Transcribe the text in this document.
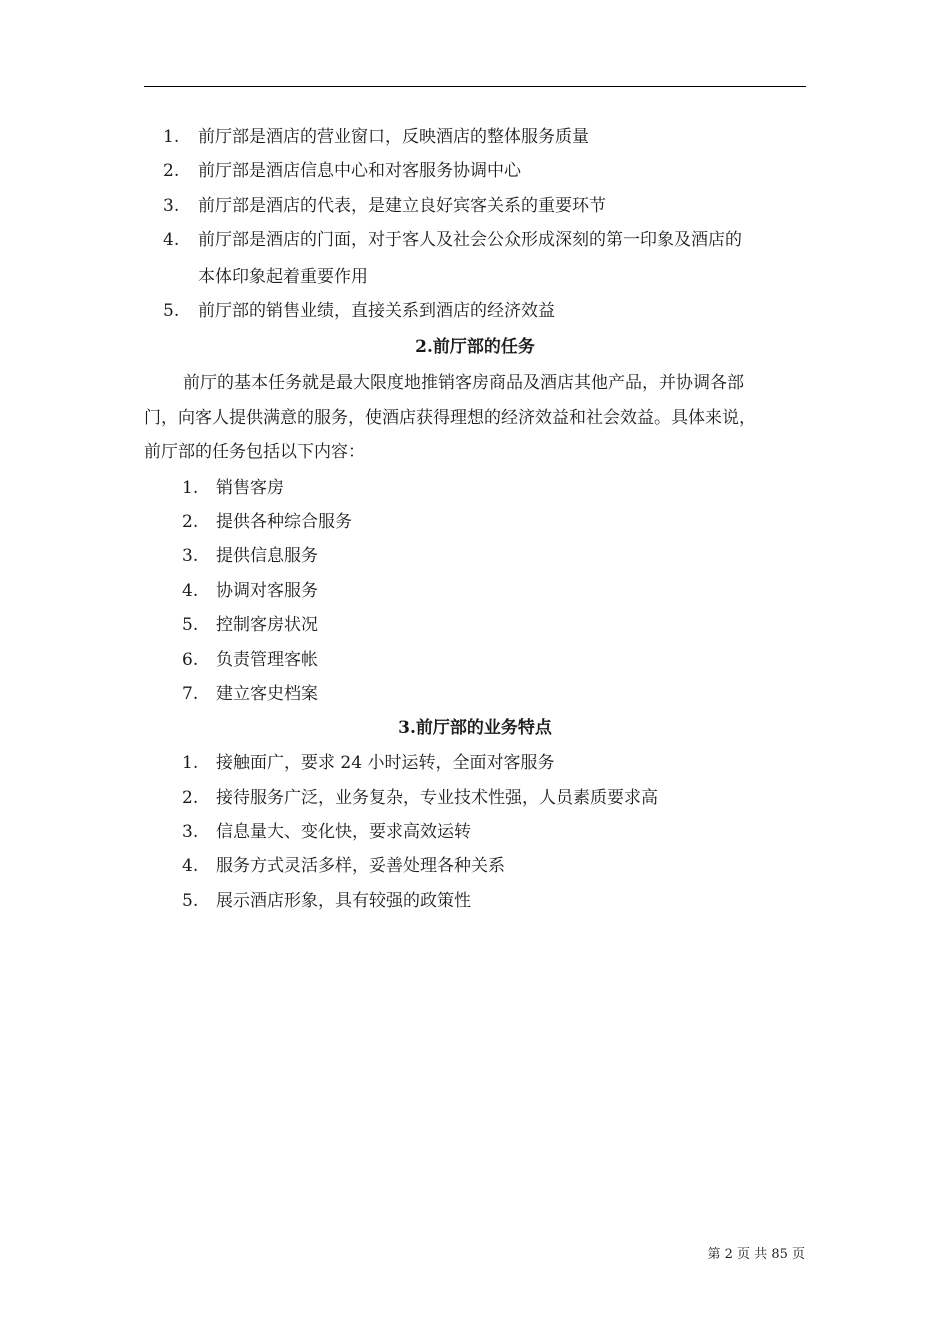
1. 前厅部是酒店的营业窗口，反映酒店的整体服务质量
2. 前厅部是酒店信息中心和对客服务协调中心
3. 前厅部是酒店的代表，是建立良好宾客关系的重要环节
4. 前厅部是酒店的门面，对于客人及社会公众形成深刻的第一印象及酒店的
本体印象起着重要作用
5. 前厅部的销售业绩，直接关系到酒店的经济效益
2.前厅部的任务
前厅的基本任务就是最大限度地推销客房商品及酒店其他产品，并协调各部
门，向客人提供满意的服务，使酒店获得理想的经济效益和社会效益。具体来说，
前厅部的任务包括以下内容：
1. 销售客房
2. 提供各种综合服务
3. 提供信息服务
4. 协调对客服务
5. 控制客房状况
6. 负责管理客帐
7. 建立客史档案
3.前厅部的业务特点
1. 接触面广，要求 24 小时运转，全面对客服务
2. 接待服务广泛，业务复杂，专业技术性强，人员素质要求高
3. 信息量大、变化快，要求高效运转
4. 服务方式灵活多样，妥善处理各种关系
5. 展示酒店形象，具有较强的政策性
第 2 页 共 85 页
